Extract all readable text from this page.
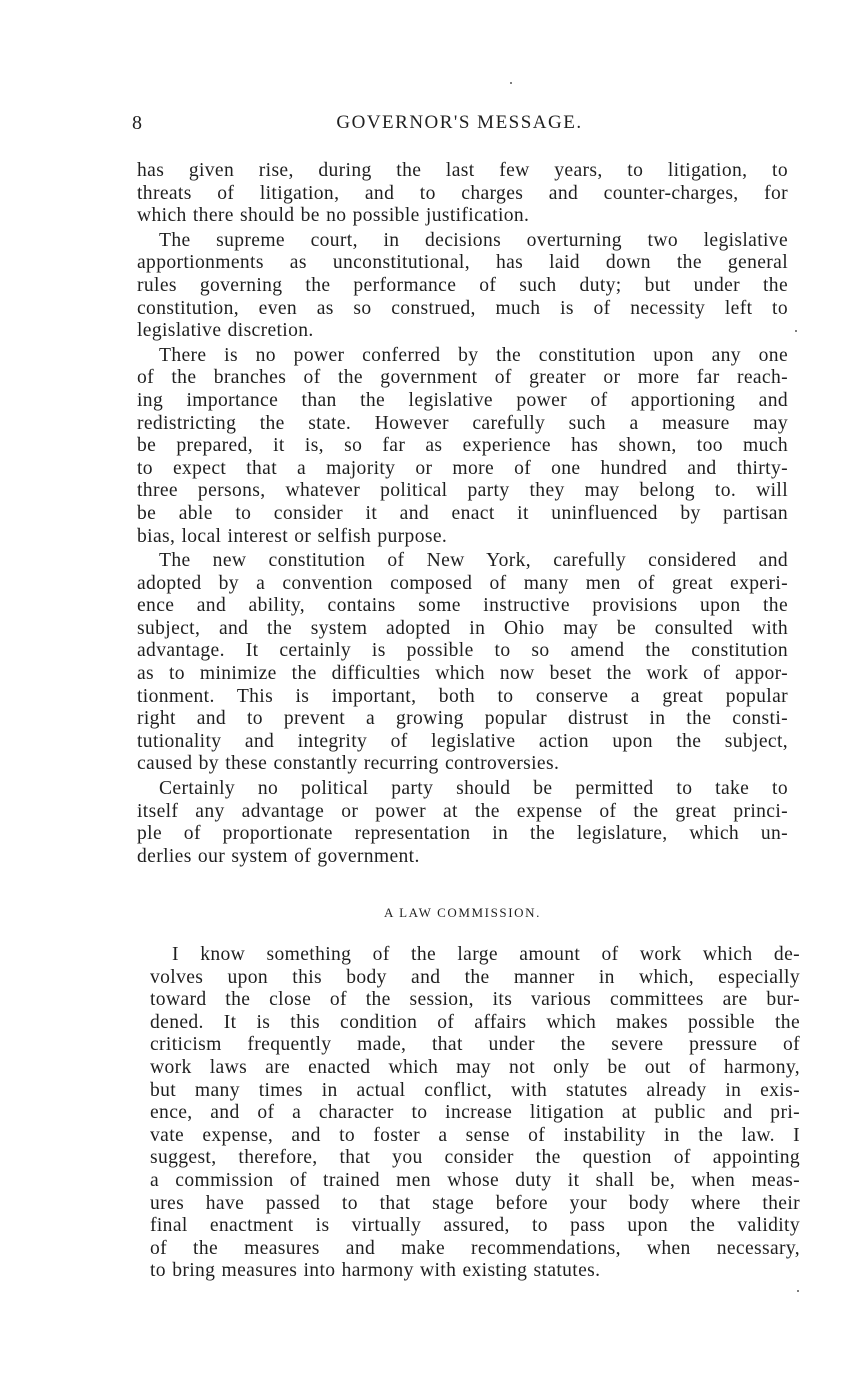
8	GOVERNOR'S MESSAGE.
has given rise, during the last few years, to litigation, to
threats of litigation, and to charges and counter-charges, for
which there should be no possible justification.
The supreme court, in decisions overturning two legislative
apportionments as unconstitutional, has laid down the general
rules governing the performance of such duty; but under the
constitution, even as so construed, much is of necessity left to
legislative discretion.
There is no power conferred by the constitution upon any one
of the branches of the government of greater or more far reach-
ing importance than the legislative power of apportioning and
redistricting the state. However carefully such a measure may
be prepared, it is, so far as experience has shown, too much
to expect that a majority or more of one hundred and thirty-
three persons, whatever political party they may belong to. will
be able to consider it and enact it uninfluenced by partisan
bias, local interest or selfish purpose.
The new constitution of New York, carefully considered and
adopted by a convention composed of many men of great experi-
ence and ability, contains some instructive provisions upon the
subject, and the system adopted in Ohio may be consulted with
advantage. It certainly is possible to so amend the constitution
as to minimize the difficulties which now beset the work of appor-
tionment. This is important, both to conserve a great popular
right and to prevent a growing popular distrust in the consti-
tutionality and integrity of legislative action upon the subject,
caused by these constantly recurring controversies.
Certainly no political party should be permitted to take to
itself any advantage or power at the expense of the great princi-
ple of proportionate representation in the legislature, which un-
derlies our system of government.
A LAW COMMISSION.
I know something of the large amount of work which de-
volves upon this body and the manner in which, especially
toward the close of the session, its various committees are bur-
dened. It is this condition of affairs which makes possible the
criticism frequently made, that under the severe pressure of
work laws are enacted which may not only be out of harmony,
but many times in actual conflict, with statutes already in exis-
ence, and of a character to increase litigation at public and pri-
vate expense, and to foster a sense of instability in the law. I
suggest, therefore, that you consider the question of appointing
a commission of trained men whose duty it shall be, when meas-
ures have passed to that stage before your body where their
final enactment is virtually assured, to pass upon the validity
of the measures and make recommendations, when necessary,
to bring measures into harmony with existing statutes.
